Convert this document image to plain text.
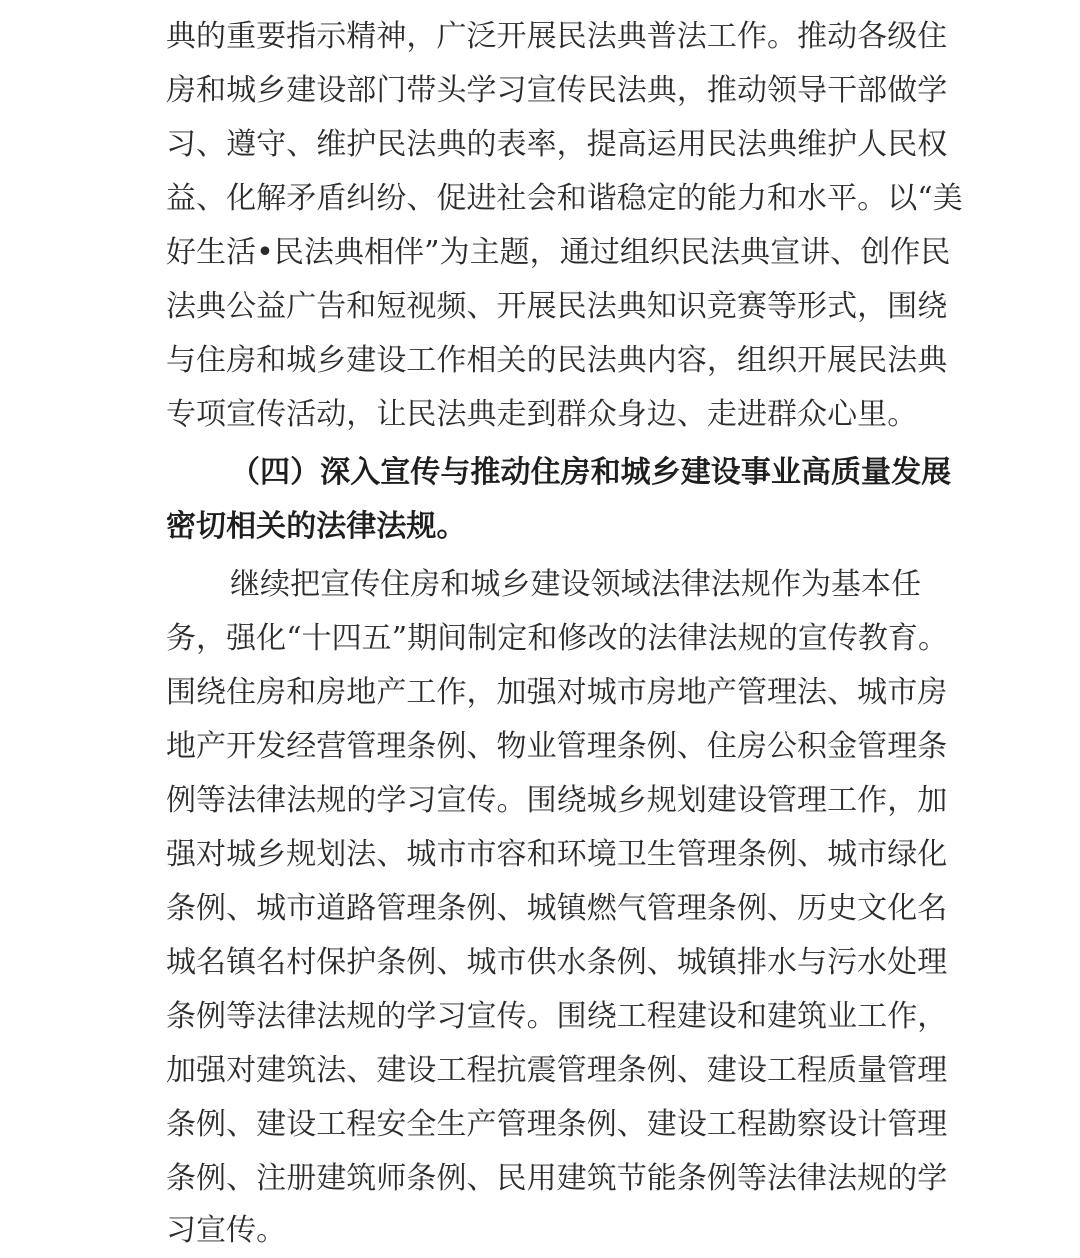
典的重要指示精神，广泛开展民法典普法工作。推动各级住
房和城乡建设部门带头学习宣传民法典，推动领导干部做学
习、遵守、维护民法典的表率，提高运用民法典维护人民权
益、化解矛盾纠纷、促进社会和谐稳定的能力和水平。以“美
好生活•民法典相伴”为主题，通过组织民法典宣讲、创作民
法典公益广告和短视频、开展民法典知识竞赛等形式，围绕
与住房和城乡建设工作相关的民法典内容，组织开展民法典
专项宣传活动，让民法典走到群众身边、走进群众心里。
（四）深入宣传与推动住房和城乡建设事业高质量发展
密切相关的法律法规。
继续把宣传住房和城乡建设领域法律法规作为基本任
务，强化“十四五”期间制定和修改的法律法规的宣传教育。
围绕住房和房地产工作，加强对城市房地产管理法、城市房
地产开发经营管理条例、物业管理条例、住房公积金管理条
例等法律法规的学习宣传。围绕城乡规划建设管理工作，加
强对城乡规划法、城市市容和环境卫生管理条例、城市绿化
条例、城市道路管理条例、城镇燃气管理条例、历史文化名
城名镇名村保护条例、城市供水条例、城镇排水与污水处理
条例等法律法规的学习宣传。围绕工程建设和建筑业工作，
加强对建筑法、建设工程抗震管理条例、建设工程质量管理
条例、建设工程安全生产管理条例、建设工程勘察设计管理
条例、注册建筑师条例、民用建筑节能条例等法律法规的学
习宣传。
